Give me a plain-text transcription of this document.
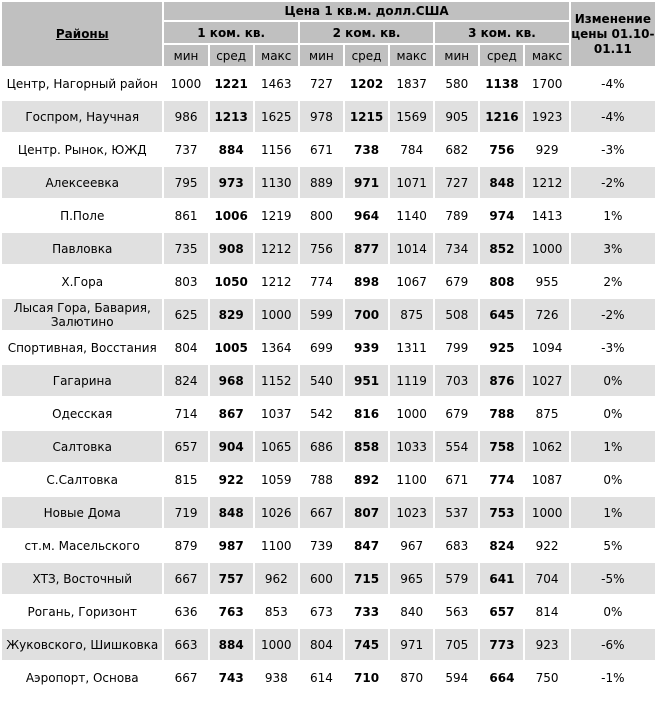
Районы	Цена 1 кв.м. долл.США									Изменение цены 01.10-01.11
	1 ком. кв.			2 ком. кв.			3 ком. кв.			
	мин	сред	макс	мин	сред	макс	мин	сред	макс	
Центр, Нагорный район	1000	1221	1463	727	1202	1837	580	1138	1700	-4%
Госпром, Научная	986	1213	1625	978	1215	1569	905	1216	1923	-4%
Центр. Рынок, ЮЖД	737	884	1156	671	738	784	682	756	929	-3%
Алексеевка	795	973	1130	889	971	1071	727	848	1212	-2%
П.Поле	861	1006	1219	800	964	1140	789	974	1413	1%
Павловка	735	908	1212	756	877	1014	734	852	1000	3%
Х.Гора	803	1050	1212	774	898	1067	679	808	955	2%
Лысая Гора, Бавария, Залютино	625	829	1000	599	700	875	508	645	726	-2%
Спортивная, Восстания	804	1005	1364	699	939	1311	799	925	1094	-3%
Гагарина	824	968	1152	540	951	1119	703	876	1027	0%
Одесская	714	867	1037	542	816	1000	679	788	875	0%
Салтовка	657	904	1065	686	858	1033	554	758	1062	1%
С.Салтовка	815	922	1059	788	892	1100	671	774	1087	0%
Новые Дома	719	848	1026	667	807	1023	537	753	1000	1%
ст.м. Масельского	879	987	1100	739	847	967	683	824	922	5%
ХТЗ, Восточный	667	757	962	600	715	965	579	641	704	-5%
Рогань, Горизонт	636	763	853	673	733	840	563	657	814	0%
Жуковского, Шишковка	663	884	1000	804	745	971	705	773	923	-6%
Аэропорт, Основа	667	743	938	614	710	870	594	664	750	-1%
